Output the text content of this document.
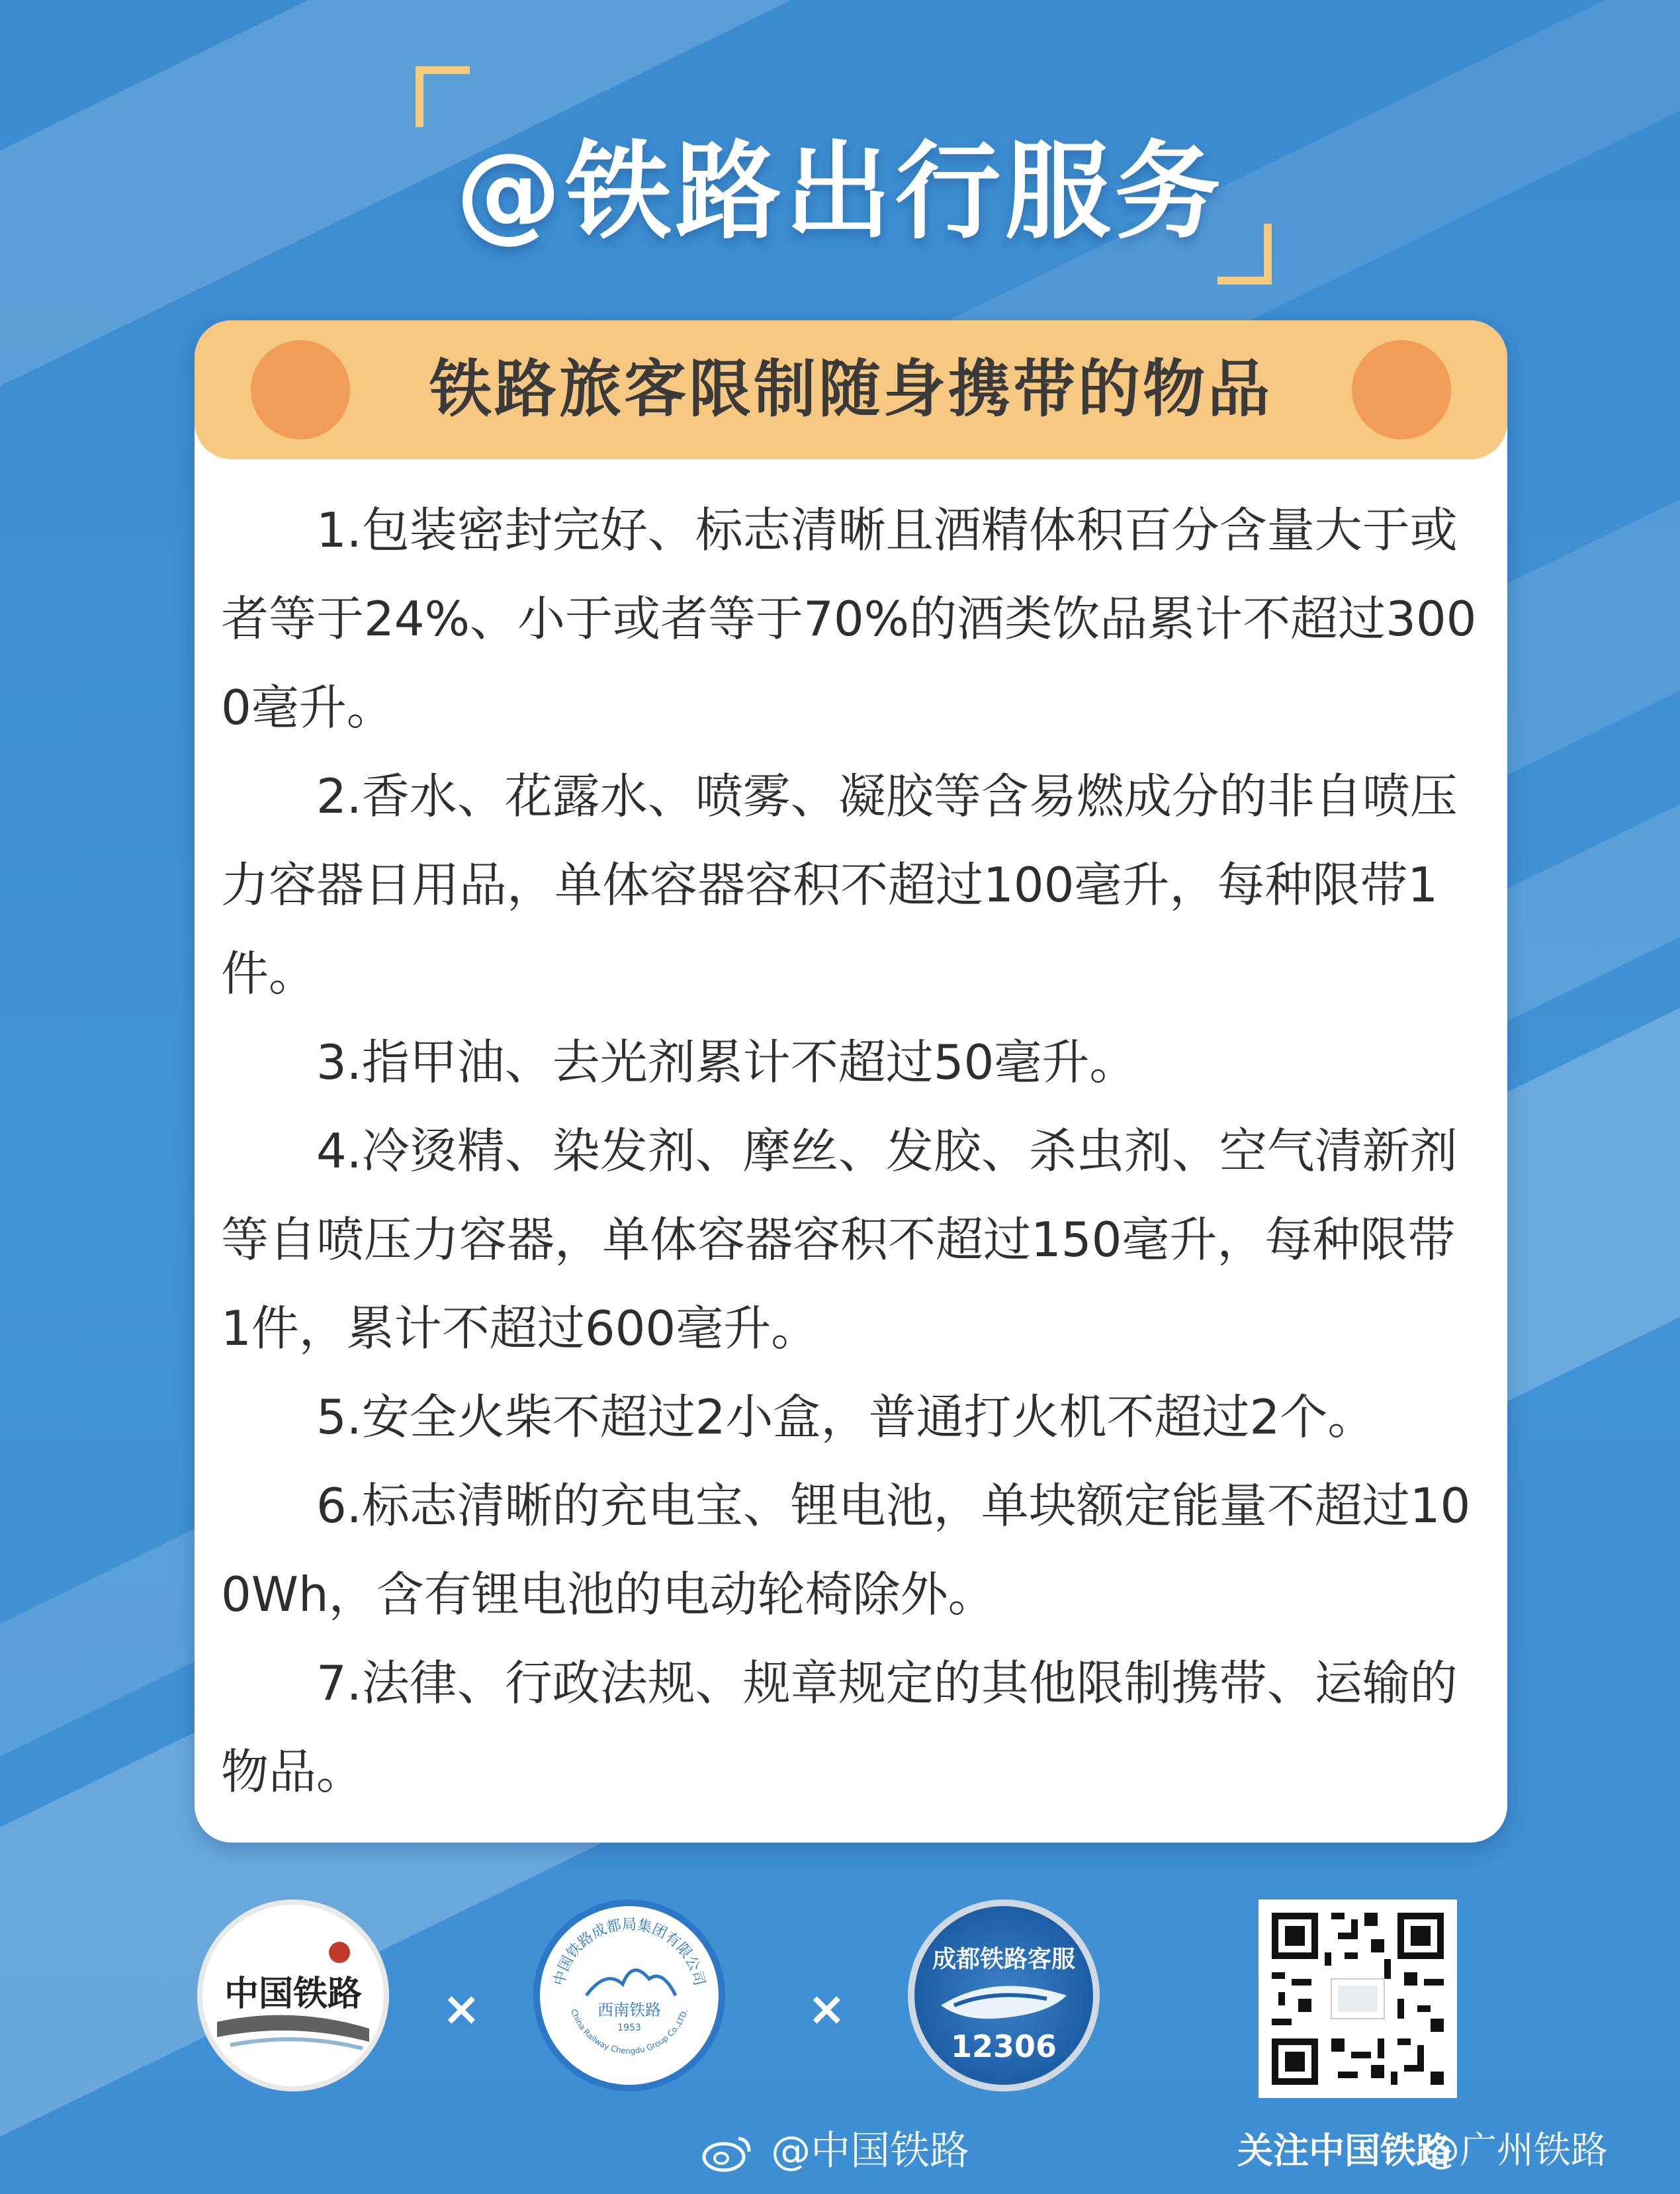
@铁路出行服务
铁路旅客限制随身携带的物品

1.包装密封完好、标志清晰且酒精体积百分含量大于或者等于24%、小于或者等于70%的酒类饮品累计不超过3000毫升。

2.香水、花露水、喷雾、凝胶等含易燃成分的非自喷压力容器日用品，单体容器容积不超过100毫升，每种限带1件。

3.指甲油、去光剂累计不超过50毫升。

4.冷烫精、染发剂、摩丝、发胶、杀虫剂、空气清新剂等自喷压力容器，单体容器容积不超过150毫升，每种限带1件，累计不超过600毫升。

5.安全火柴不超过2小盒，普通打火机不超过2个。

6.标志清晰的充电宝、锂电池，单块额定能量不超过100Wh，含有锂电池的电动轮椅除外。

7.法律、行政法规、规章规定的其他限制携带、运输的物品。

中国铁路 ×
中国铁路成都局集团有限公司
China Railway Chengdu Group Co.,LTD.
西南铁路
1953	×
成都铁路客服
12306
关注中国铁路
@中国铁路	@广州铁路
